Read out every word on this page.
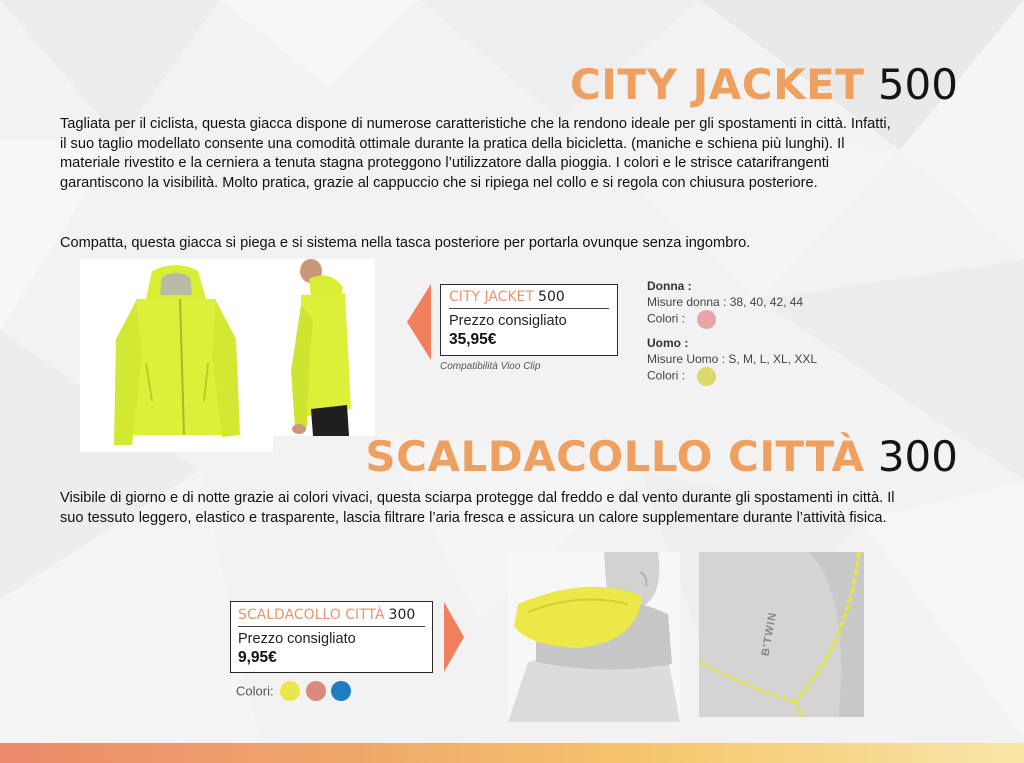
CITY JACKET 500

Tagliata per il ciclista, questa giacca dispone di numerose caratteristiche che la rendono ideale per gli spostamenti in città. Infatti, il suo taglio modellato consente una comodità ottimale durante la pratica della bicicletta. (maniche e schiena più lunghi). Il materiale rivestito e la cerniera a tenuta stagna proteggono l’utilizzatore dalla pioggia. I colori e le strisce catarifrangenti garantiscono la visibilità. Molto pratica, grazie al cappuccio che si ripiega nel collo e si regola con chiusura posteriore.

Compatta, questa giacca si piega e si sistema nella tasca posteriore per portarla ovunque senza ingombro.

CITY JACKET 500
Prezzo consigliato
35,95€
Compatibilità Vioo Clip
Donna :
Misure donna : 38, 40, 42, 44
Colori :
Uomo :
Misure Uomo : S, M, L, XL, XXL
Colori :
SCALDACOLLO CITTÀ 300

Visibile di giorno e di notte grazie ai colori vivaci, questa sciarpa protegge dal freddo e dal vento durante gli spostamenti in città. Il suo tessuto leggero, elastico e trasparente, lascia filtrare l’aria fresca e assicura un calore supplementare durante l’attività fisica.

SCALDACOLLO CITTÀ 300
Prezzo consigliato
9,95€
Colori:
B'TWIN
